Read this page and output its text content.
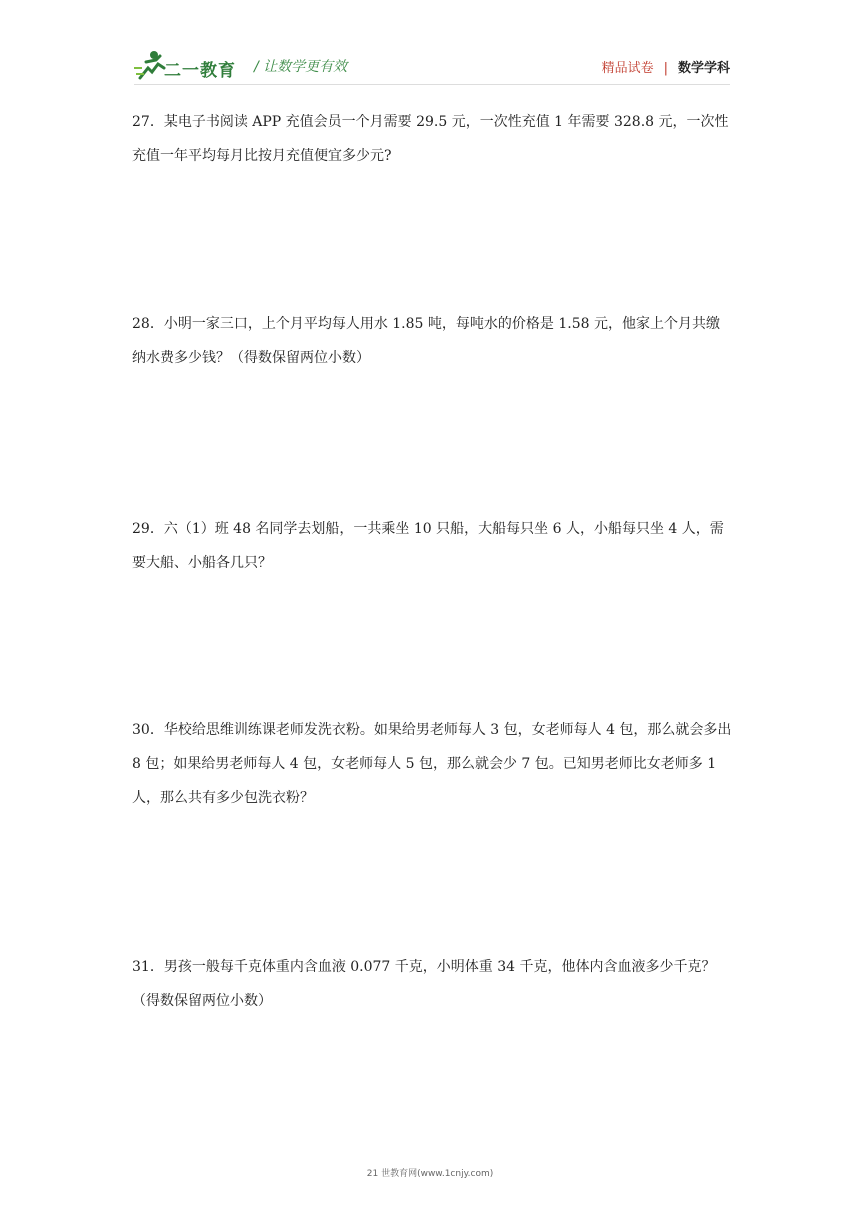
二一教育 / 让数学更有效	精品试卷 | 数学学科
27．某电子书阅读 APP 充值会员一个月需要 29.5 元，一次性充值 1 年需要 328.8 元，一次性充值一年平均每月比按月充值便宜多少元?
28．小明一家三口，上个月平均每人用水 1.85 吨，每吨水的价格是 1.58 元，他家上个月共缴纳水费多少钱？（得数保留两位小数）
29．六（1）班 48 名同学去划船，一共乘坐 10 只船，大船每只坐 6 人，小船每只坐 4 人，需要大船、小船各几只？
30．华校给思维训练课老师发洗衣粉。如果给男老师每人 3 包，女老师每人 4 包，那么就会多出 8 包；如果给男老师每人 4 包，女老师每人 5 包，那么就会少 7 包。已知男老师比女老师多 1 人，那么共有多少包洗衣粉？
31．男孩一般每千克体重内含血液 0.077 千克，小明体重 34 千克，他体内含血液多少千克？（得数保留两位小数）
21 世教育网(www.1cnjy.com)
